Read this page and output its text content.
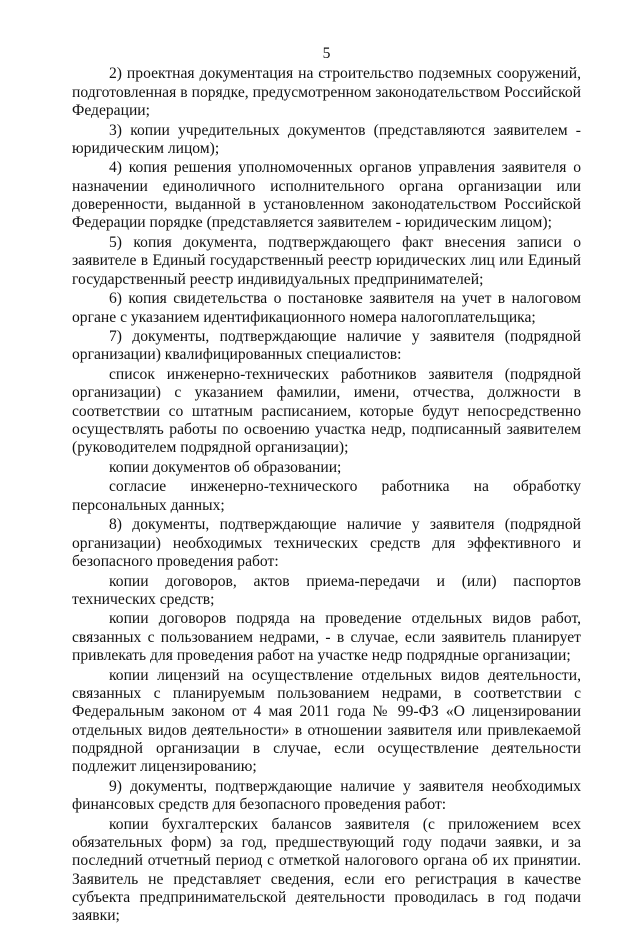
5

2) проектная документация на строительство подземных сооружений, подготовленная в порядке, предусмотренном законодательством Российской Федерации;

3) копии учредительных документов (представляются заявителем - юридическим лицом);

4) копия решения уполномоченных органов управления заявителя о назначении единоличного исполнительного органа организации или доверенности, выданной в установленном законодательством Российской Федерации порядке (представляется заявителем - юридическим лицом);

5) копия документа, подтверждающего факт внесения записи о заявителе в Единый государственный реестр юридических лиц или Единый государственный реестр индивидуальных предпринимателей;

6) копия свидетельства о постановке заявителя на учет в налоговом органе с указанием идентификационного номера налогоплательщика;

7) документы, подтверждающие наличие у заявителя (подрядной организации) квалифицированных специалистов:

список инженерно-технических работников заявителя (подрядной организации) с указанием фамилии, имени, отчества, должности в соответствии со штатным расписанием, которые будут непосредственно осуществлять работы по освоению участка недр, подписанный заявителем (руководителем подрядной организации);

копии документов об образовании;

согласие инженерно-технического работника на обработку персональных данных;

8) документы, подтверждающие наличие у заявителя (подрядной организации) необходимых технических средств для эффективного и безопасного проведения работ:

копии договоров, актов приема-передачи и (или) паспортов технических средств;

копии договоров подряда на проведение отдельных видов работ, связанных с пользованием недрами, - в случае, если заявитель планирует привлекать для проведения работ на участке недр подрядные организации;

копии лицензий на осуществление отдельных видов деятельности, связанных с планируемым пользованием недрами, в соответствии с Федеральным законом от 4 мая 2011 года № 99-ФЗ «О лицензировании отдельных видов деятельности» в отношении заявителя или привлекаемой подрядной организации в случае, если осуществление деятельности подлежит лицензированию;

9) документы, подтверждающие наличие у заявителя необходимых финансовых средств для безопасного проведения работ:

копии бухгалтерских балансов заявителя (с приложением всех обязательных форм) за год, предшествующий году подачи заявки, и за последний отчетный период с отметкой налогового органа об их принятии. Заявитель не представляет сведения, если его регистрация в качестве субъекта предпринимательской деятельности проводилась в год подачи заявки;
